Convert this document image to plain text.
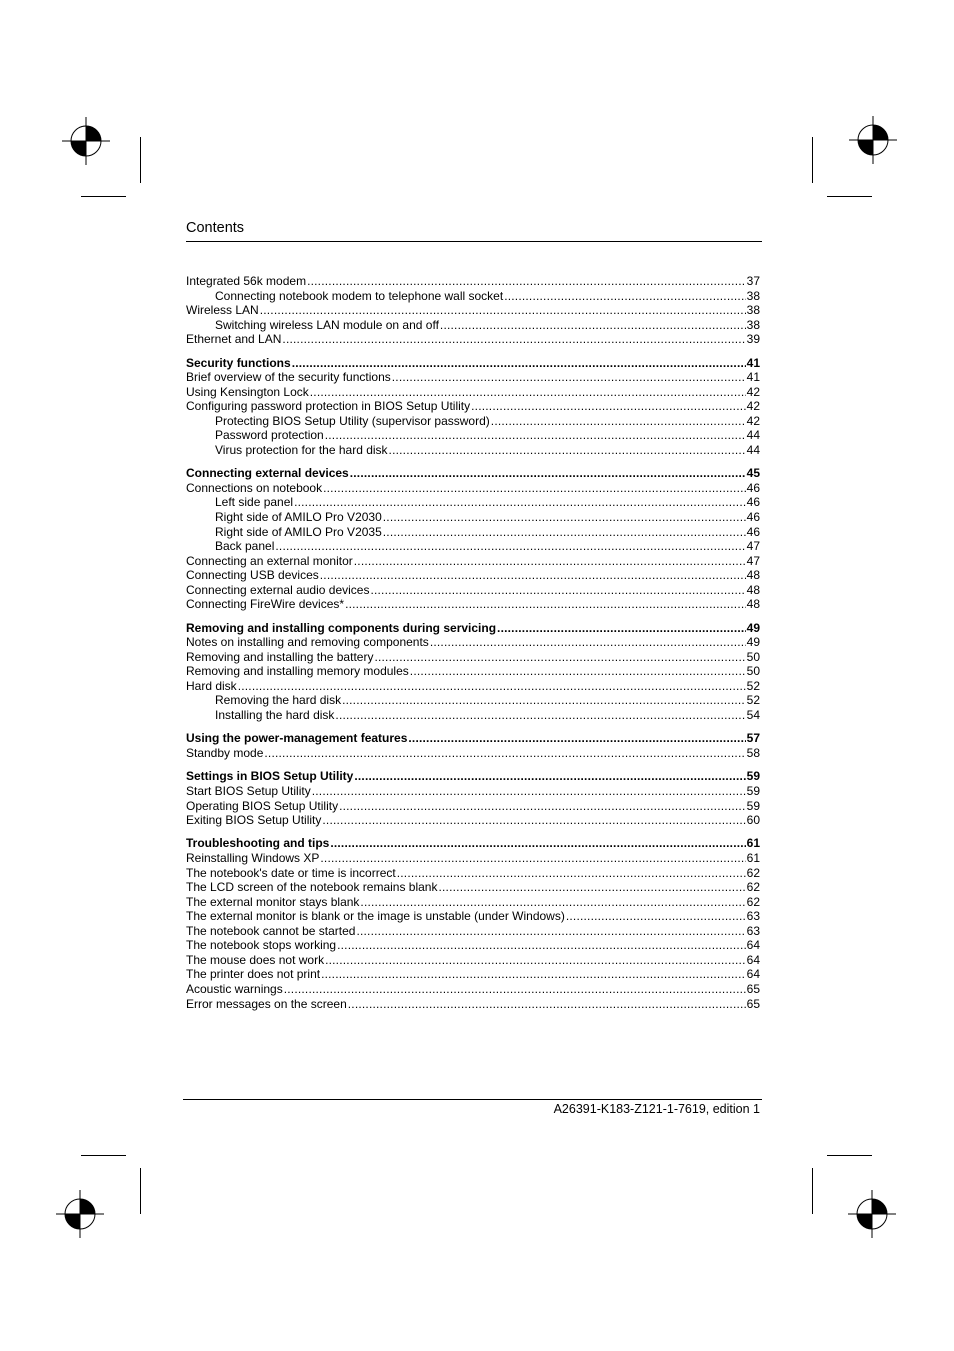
Contents
Integrated 56k modem .....	37
Connecting notebook modem to telephone wall socket .....	38
Wireless LAN .....	38
Switching wireless LAN module on and off .....	38
Ethernet and LAN .....	39
Security functions .....	41
Brief overview of the security functions .....	41
Using Kensington Lock .....	42
Configuring password protection in BIOS Setup Utility .....	42
Protecting BIOS Setup Utility (supervisor password) .....	42
Password protection .....	44
Virus protection for the hard disk .....	44
Connecting external devices .....	45
Connections on notebook .....	46
Left side panel .....	46
Right side of AMILO Pro V2030 .....	46
Right side of AMILO Pro V2035 .....	46
Back panel .....	47
Connecting an external monitor .....	47
Connecting USB devices .....	48
Connecting external audio devices .....	48
Connecting FireWire devices* .....	48
Removing and installing components during servicing .....	49
Notes on installing and removing components .....	49
Removing and installing the battery .....	50
Removing and installing memory modules .....	50
Hard disk .....	52
Removing the hard disk .....	52
Installing the hard disk .....	54
Using the power-management features .....	57
Standby mode .....	58
Settings in BIOS Setup Utility .....	59
Start BIOS Setup Utility .....	59
Operating BIOS Setup Utility .....	59
Exiting BIOS Setup Utility .....	60
Troubleshooting and tips .....	61
Reinstalling Windows XP .....	61
The notebook's date or time is incorrect .....	62
The LCD screen of the notebook remains blank .....	62
The external monitor stays blank .....	62
The external monitor is blank or the image is unstable (under Windows) .....	63
The notebook cannot be started .....	63
The notebook stops working .....	64
The mouse does not work .....	64
The printer does not print .....	64
Acoustic warnings .....	65
Error messages on the screen .....	65
A26391-K183-Z121-1-7619, edition 1
